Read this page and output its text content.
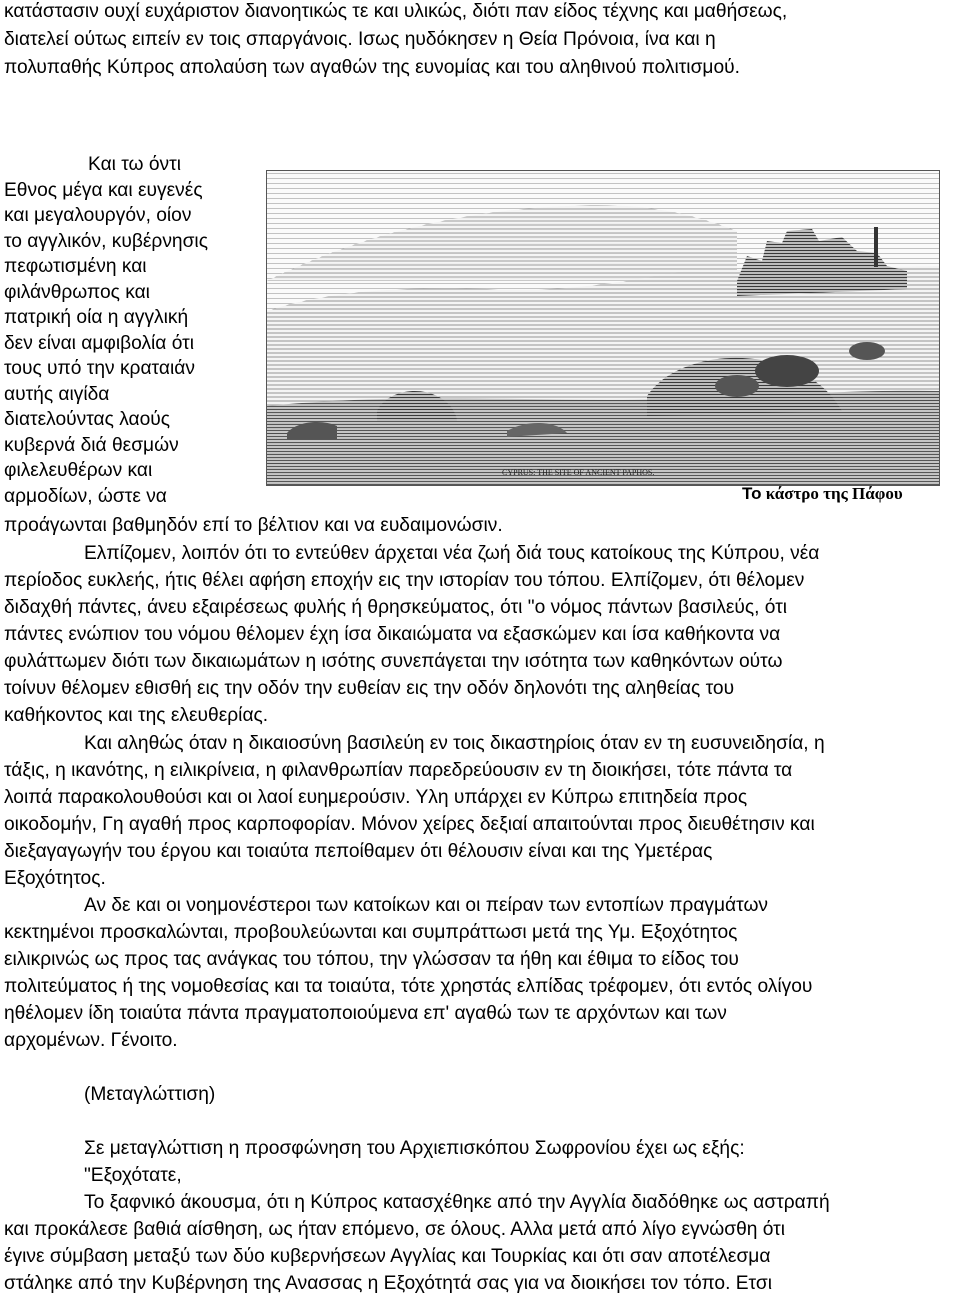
κατάστασιν ουχί ευχάριστον διανοητικώς τε και υλικώς, διότι παν είδος τέχνης και μαθήσεως,
διατελεί ούτως ειπείν εν τοις σπαργάνοις. Ισως ηυδόκησεν η Θεία Πρόνοια, ίνα και η
πολυπαθής Κύπρος απολαύση των αγαθών της ευνομίας και του αληθινού πολιτισμού.
Και τω όντι
Εθνος μέγα και ευγενές
και μεγαλουργόν, οίον
το αγγλικόν, κυβέρνησις
πεφωτισμένη και
φιλάνθρωπος και
πατρική οία η αγγλική
δεν είναι αμφιβολία ότι
τους υπό την κραταιάν
αυτής αιγίδα
διατελούντας λαούς
κυβερνά διά θεσμών
φιλελευθέρων και
αρμοδίων, ώστε να
CYPRUS: THE SITE OF ANCIENT PAPHOS.
Το κάστρο της Πάφου
προάγωνται βαθμηδόν επί το βέλτιον και να ευδαιμονώσιν.
Ελπίζομεν, λοιπόν ότι το εντεύθεν άρχεται νέα ζωή διά τους κατοίκους της Κύπρου, νέα
περίοδος ευκλεής, ήτις θέλει αφήση εποχήν εις την ιστορίαν του τόπου. Ελπίζομεν, ότι θέλομεν
διδαχθή πάντες, άνευ εξαιρέσεως φυλής ή θρησκεύματος, ότι "ο νόμος πάντων βασιλεύς, ότι
πάντες ενώπιον του νόμου θέλομεν έχη ίσα δικαιώματα να εξασκώμεν και ίσα καθήκοντα να
φυλάττωμεν διότι των δικαιωμάτων η ισότης συνεπάγεται την ισότητα των καθηκόντων ούτω
τοίνυν θέλομεν εθισθή εις την οδόν την ευθείαν εις την οδόν δηλονότι της αληθείας του
καθήκοντος και της ελευθερίας.
Και αληθώς όταν η δικαιοσύνη βασιλεύη εν τοις δικαστηρίοις όταν εν τη ευσυνειδησία, η
τάξις, η ικανότης, η ειλικρίνεια, η φιλανθρωπίαν παρεδρεύουσιν εν τη διοικήσει, τότε πάντα τα
λοιπά παρακολουθούσι και οι λαοί ευημερούσιν. Υλη υπάρχει εν Κύπρω επιτηδεία προς
οικοδομήν, Γη αγαθή προς καρποφορίαν. Μόνον χείρες δεξιαί απαιτούνται προς διευθέτησιν και
διεξαγαγωγήν του έργου και τοιαύτα πεποίθαμεν ότι θέλουσιν είναι και της Υμετέρας
Εξοχότητος.
Αν δε και οι νοημονέστεροι των κατοίκων και οι πείραν των εντοπίων πραγμάτων
κεκτημένοι προσκαλώνται, προβουλεύωνται και συμπράττωσι μετά της Υμ. Εξοχότητος
ειλικρινώς ως προς τας ανάγκας του τόπου, την γλώσσαν τα ήθη και έθιμα το είδος του
πολιτεύματος ή της νομοθεσίας και τα τοιαύτα, τότε χρηστάς ελπίδας τρέφομεν, ότι εντός ολίγου
ηθέλομεν ίδη τοιαύτα πάντα πραγματοποιούμενα επ' αγαθώ των τε αρχόντων και των
αρχομένων. Γένοιτο.
(Μεταγλώττιση)
Σε μεταγλώττιση η προσφώνηση του Αρχιεπισκόπου Σωφρονίου έχει ως εξής:
"Εξοχότατε,
Το ξαφνικό άκουσμα, ότι η Κύπρος κατασχέθηκε από την Αγγλία διαδόθηκε ως αστραπή
και προκάλεσε βαθιά αίσθηση, ως ήταν επόμενο, σε όλους. Αλλα μετά από λίγο εγνώσθη ότι
έγινε σύμβαση μεταξύ των δύο κυβερνήσεων Αγγλίας και Τουρκίας και ότι σαν αποτέλεσμα
στάληκε από την Κυβέρνηση της Ανασσας η Εξοχότητά σας για να διοικήσει τον τόπο. Ετσι
